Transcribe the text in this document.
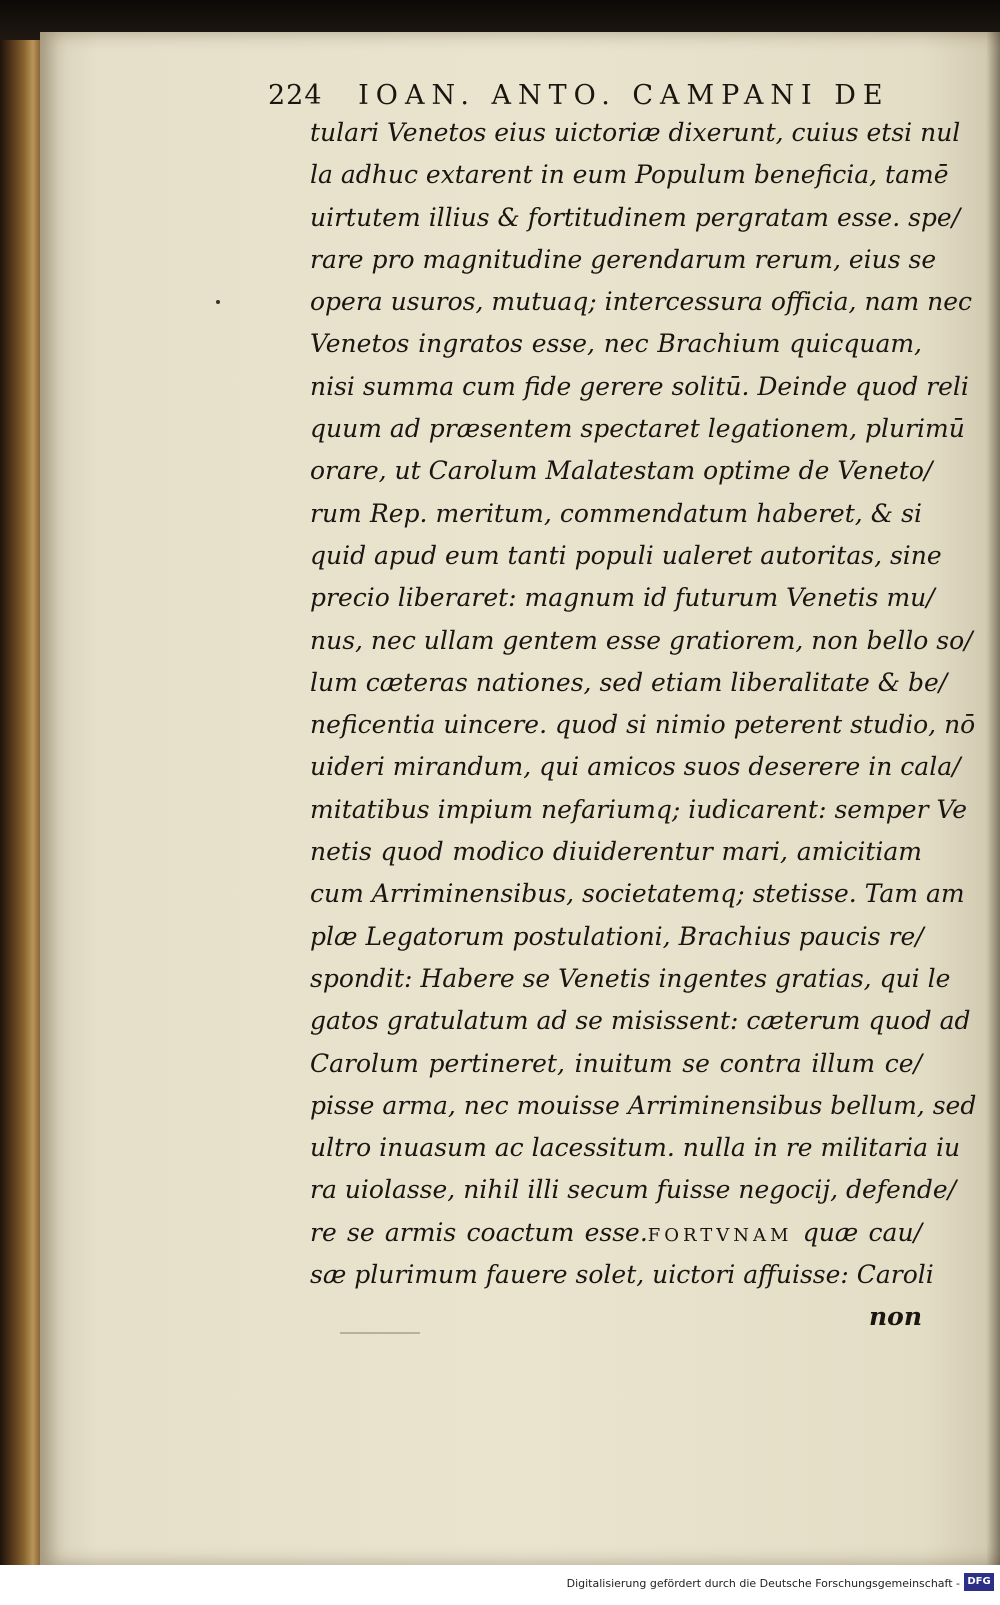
224 IOAN. ANTO. CAMPANI DE
tulari Venetos eius uictoriæ dixerunt, cuius etsi nul
la adhuc extarent in eum Populum beneficia, tamē
uirtutem illius & fortitudinem pergratam esse. spe/
rare pro magnitudine gerendarum rerum, eius se
opera usuros, mutuaq; intercessura officia, nam nec
Venetos ingratos esse, nec Brachium quicquam,
nisi summa cum fide gerere solitū. Deinde quod reli
quum ad præsentem spectaret legationem, plurimū
orare, ut Carolum Malatestam optime de Veneto/
rum Rep. meritum, commendatum haberet, & si
quid apud eum tanti populi ualeret autoritas, sine
precio liberaret: magnum id futurum Venetis mu/
nus, nec ullam gentem esse gratiorem, non bello so/
lum cæteras nationes, sed etiam liberalitate & be/
neficentia uincere. quod si nimio peterent studio, nō
uideri mirandum, qui amicos suos deserere in cala/
mitatibus impium nefariumq; iudicarent: semper Ve
netis quod modico diuiderentur mari, amicitiam
cum Arriminensibus, societatemq; stetisse. Tam am
plæ Legatorum postulationi, Brachius paucis re/
spondit: Habere se Venetis ingentes gratias, qui le
gatos gratulatum ad se misissent: cæterum quod ad
Carolum pertineret, inuitum se contra illum ce/
pisse arma, nec mouisse Arriminensibus bellum, sed
ultro inuasum ac lacessitum. nulla in re militaria iu
ra uiolasse, nihil illi secum fuisse negocij, defende/
re se armis coactum esse.FORTVNAM quæ cau/
sæ plurimum fauere solet, uictori affuisse: Caroli
non
Digitalisierung gefördert durch die Deutsche Forschungsgemeinschaft - DFG
